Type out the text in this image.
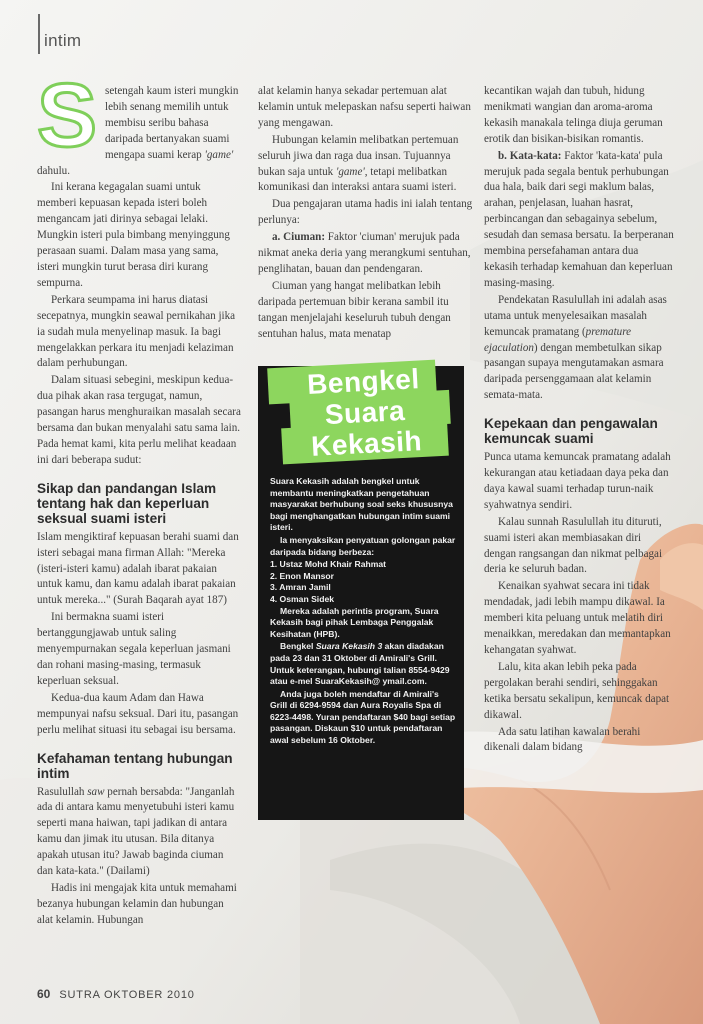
intim
S setengah kaum isteri mungkin lebih senang memilih untuk membisu seribu bahasa daripada bertanyakan suami mengapa suami kerap 'game' dahulu.

Ini kerana kegagalan suami untuk memberi kepuasan kepada isteri boleh mengancam jati dirinya sebagai lelaki. Mungkin isteri pula bimbang menyinggung perasaan suami. Dalam masa yang sama, isteri mungkin turut berasa diri kurang sempurna.

Perkara seumpama ini harus diatasi secepatnya, mungkin seawal pernikahan jika ia sudah mula menyelinap masuk. Ia bagi mengelakkan perkara itu menjadi kelaziman dalam perhubungan.

Dalam situasi sebegini, meskipun kedua-dua pihak akan rasa tergugat, namun, pasangan harus menghuraikan masalah secara bersama dan bukan menyalahi satu sama lain. Pada hemat kami, kita perlu melihat keadaan ini dari beberapa sudut:

Sikap dan pandangan Islam tentang hak dan keperluan seksual suami isteri

Islam mengiktiraf kepuasan berahi suami dan isteri sebagai mana firman Allah: "Mereka (isteri-isteri kamu) adalah ibarat pakaian untuk kamu, dan kamu adalah ibarat pakaian untuk mereka..." (Surah Baqarah ayat 187)

Ini bermakna suami isteri bertanggungjawab untuk saling menyempurnakan segala keperluan jasmani dan rohani masing-masing, termasuk keperluan seksual.

Kedua-dua kaum Adam dan Hawa mempunyai nafsu seksual. Dari itu, pasangan perlu melihat situasi itu sebagai isu bersama.

Kefahaman tentang hubungan intim

Rasulullah saw pernah bersabda: "Janganlah ada di antara kamu menyetubuhi isteri kamu seperti mana haiwan, tapi jadikan di antara kamu dan jimak itu utusan. Bila ditanya apakah utusan itu? Jawab baginda ciuman dan kata-kata." (Dailami)

Hadis ini mengajak kita untuk memahami bezanya hubungan kelamin dan hubungan alat kelamin. Hubungan

alat kelamin hanya sekadar pertemuan alat kelamin untuk melepaskan nafsu seperti haiwan yang mengawan.

Hubungan kelamin melibatkan pertemuan seluruh jiwa dan raga dua insan. Tujuannya bukan saja untuk 'game', tetapi melibatkan komunikasi dan interaksi antara suami isteri.

Dua pengajaran utama hadis ini ialah tentang perlunya:

a. Ciuman: Faktor 'ciuman' merujuk pada nikmat aneka deria yang merangkumi sentuhan, penglihatan, bauan dan pendengaran.

Ciuman yang hangat melibatkan lebih daripada pertemuan bibir kerana sambil itu tangan menjelajahi keseluruh tubuh dengan sentuhan halus, mata menatap

Bengkel
Suara
Kekasih

Suara Kekasih adalah bengkel untuk membantu meningkatkan pengetahuan masyarakat berhubung soal seks khususnya bagi menghangatkan hubungan intim suami isteri.

Ia menyaksikan penyatuan golongan pakar daripada bidang berbeza:

1. Ustaz Mohd Khair Rahmat
2. Enon Mansor
3. Amran Jamil
4. Osman Sidek

Mereka adalah perintis program, Suara Kekasih bagi pihak Lembaga Penggalak Kesihatan (HPB).

Bengkel Suara Kekasih 3 akan diadakan pada 23 dan 31 Oktober di Amirali's Grill. Untuk keterangan, hubungi talian 8554-9429 atau e-mel SuaraKekasih@ ymail.com.

Anda juga boleh mendaftar di Amirali's Grill di 6294-9594 dan Aura Royalis Spa di 6223-4498. Yuran pendaftaran $40 bagi setiap pasangan. Diskaun $10 untuk pendaftaran awal sebelum 16 Oktober.

kecantikan wajah dan tubuh, hidung menikmati wangian dan aroma-aroma kekasih manakala telinga diuja geruman erotik dan bisikan-bisikan romantis.

b. Kata-kata: Faktor 'kata-kata' pula merujuk pada segala bentuk perhubungan dua hala, baik dari segi maklum balas, arahan, penjelasan, luahan hasrat, perbincangan dan sebagainya sebelum, sesudah dan semasa bersatu. Ia berperanan membina persefahaman antara dua kekasih terhadap kemahuan dan keperluan masing-masing.

Pendekatan Rasulullah ini adalah asas utama untuk menyelesaikan masalah kemuncak pramatang (premature ejaculation) dengan membetulkan sikap pasangan supaya mengutamakan asmara daripada persenggamaan alat kelamin semata-mata.

Kepekaan dan pengawalan kemuncak suami

Punca utama kemuncak pramatang adalah kekurangan atau ketiadaan daya peka dan daya kawal suami terhadap turun-naik syahwatnya sendiri.

Kalau sunnah Rasulullah itu dituruti, suami isteri akan membiasakan diri dengan rangsangan dan nikmat pelbagai deria ke seluruh badan.

Kenaikan syahwat secara ini tidak mendadak, jadi lebih mampu dikawal. Ia memberi kita peluang untuk melatih diri menaikkan, meredakan dan memantapkan kehangatan syahwat.

Lalu, kita akan lebih peka pada pergolakan berahi sendiri, sehinggakan ketika bersatu sekalipun, kemuncak dapat dikawal.

Ada satu latihan kawalan berahi dikenali dalam bidang

60 SUTRA OKTOBER 2010
